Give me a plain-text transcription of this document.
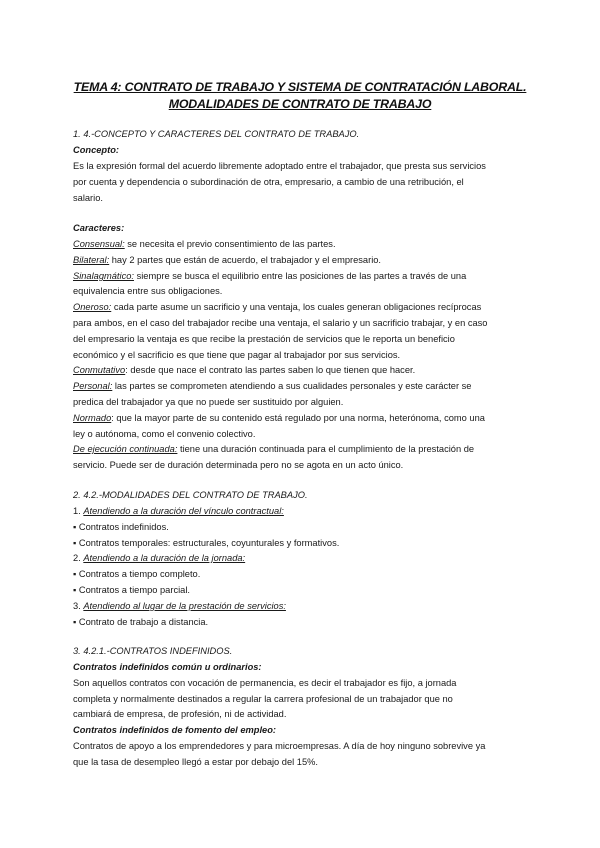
TEMA 4: CONTRATO DE TRABAJO Y SISTEMA DE CONTRATACIÓN LABORAL.
MODALIDADES DE CONTRATO DE TRABAJO
1. 4.-CONCEPTO Y CARACTERES DEL CONTRATO DE TRABAJO.
Concepto:
Es la expresión formal del acuerdo libremente adoptado entre el trabajador, que presta sus servicios
por cuenta y dependencia o subordinación de otra, empresario, a cambio de una retribución, el
salario.
Caracteres:
Consensual: se necesita el previo consentimiento de las partes.
Bilateral: hay 2 partes que están de acuerdo, el trabajador y el empresario.
Sinalagmático: siempre se busca el equilibrio entre las posiciones de las partes a través de una
equivalencia entre sus obligaciones.
Oneroso: cada parte asume un sacrificio y una ventaja, los cuales generan obligaciones recíprocas
para ambos, en el caso del trabajador recibe una ventaja, el salario y un sacrificio trabajar, y en caso
del empresario la ventaja es que recibe la prestación de servicios que le reporta un beneficio
económico y el sacrificio es que tiene que pagar al trabajador por sus servicios.
Conmutativo: desde que nace el contrato las partes saben lo que tienen que hacer.
Personal: las partes se comprometen atendiendo a sus cualidades personales y este carácter se
predica del trabajador ya que no puede ser sustituido por alguien.
Normado: que la mayor parte de su contenido está regulado por una norma, heterónoma, como una
ley o autónoma, como el convenio colectivo.
De ejecución continuada: tiene una duración continuada para el cumplimiento de la prestación de
servicio. Puede ser de duración determinada pero no se agota en un acto único.
2. 4.2.-MODALIDADES DEL CONTRATO DE TRABAJO.
1. Atendiendo a la duración del vínculo contractual:
▪ Contratos indefinidos.
▪ Contratos temporales: estructurales, coyunturales y formativos.
2. Atendiendo a la duración de la jornada:
▪ Contratos a tiempo completo.
▪ Contratos a tiempo parcial.
3. Atendiendo al lugar de la prestación de servicios:
▪ Contrato de trabajo a distancia.
3. 4.2.1.-CONTRATOS INDEFINIDOS.
Contratos indefinidos común u ordinarios:
Son aquellos contratos con vocación de permanencia, es decir el trabajador es fijo, a jornada
completa y normalmente destinados a regular la carrera profesional de un trabajador que no
cambiará de empresa, de profesión, ni de actividad.
Contratos indefinidos de fomento del empleo:
Contratos de apoyo a los emprendedores y para microempresas. A día de hoy ninguno sobrevive ya
que la tasa de desempleo llegó a estar por debajo del 15%.
